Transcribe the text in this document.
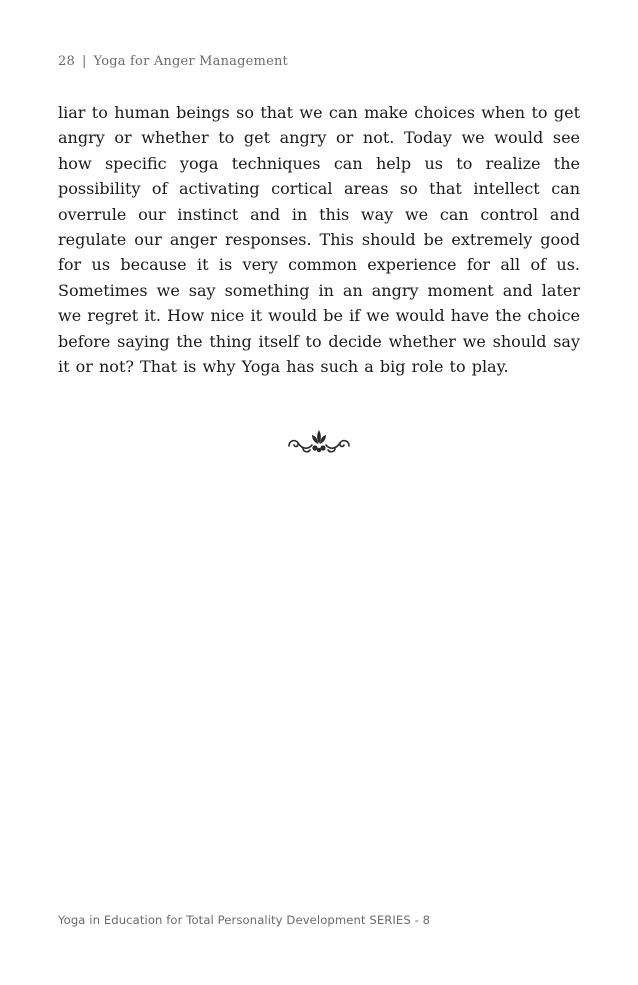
28 | Yoga for Anger Management
liar to human beings so that we can make choices when to get angry or whether to get angry or not. Today we would see how specific yoga techniques can help us to realize the possibility of activating cortical areas so that intellect can overrule our instinct and in this way we can control and regulate our anger responses. This should be extremely good for us because it is very common experience for all of us. Sometimes we say something in an angry moment and later we regret it. How nice it would be if we would have the choice before saying the thing itself to decide whether we should say it or not? That is why Yoga has such a big role to play.
Yoga in Education for Total Personality Development SERIES - 8
